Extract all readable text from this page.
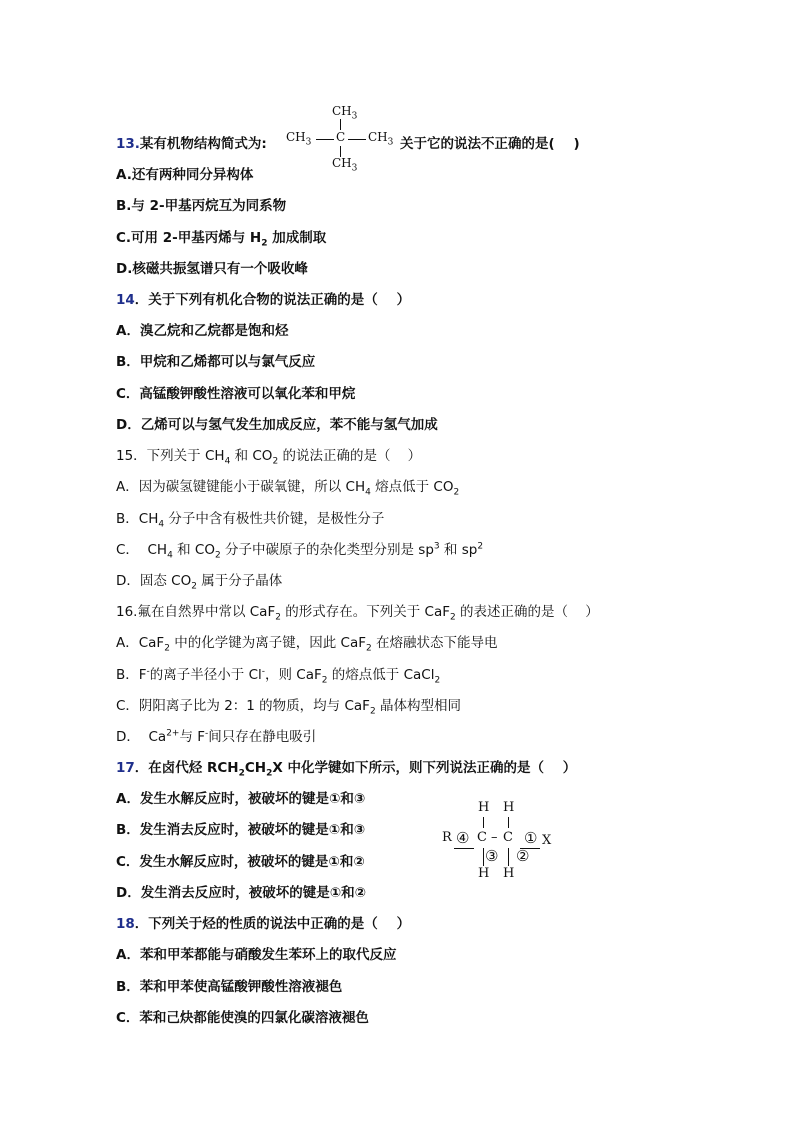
13.某有机物结构简式为:
$CH_3$
$CH_3$ C $CH_3$
$CH_3$
关于它的说法不正确的是(    )
A.还有两种同分异构体
B.与 2-甲基丙烷互为同系物
C.可用 2-甲基丙烯与 $H_2$ 加成制取
D.核磁共振氢谱只有一个吸收峰
14．关于下列有机化合物的说法正确的是（    ）
A．溴乙烷和乙烷都是饱和烃
B．甲烷和乙烯都可以与氯气反应
C．高锰酸钾酸性溶液可以氧化苯和甲烷
D．乙烯可以与氢气发生加成反应，苯不能与氢气加成
15．下列关于 $CH_4$ 和 $CO_2$ 的说法正确的是（    ）
A．因为碳氢键键能小于碳氧键，所以 $CH_4$ 熔点低于 $CO_2$
B．$CH_4$ 分子中含有极性共价键，是极性分子
C．  $CH_4$ 和 $CO_2$ 分子中碳原子的杂化类型分别是 $sp^3$ 和 $sp^2$
D．固态 $CO_2$ 属于分子晶体
16.氟在自然界中常以 CaF$_2$ 的形式存在。下列关于 CaF$_2$ 的表述正确的是（    ）
A．CaF$_2$ 中的化学键为离子键，因此 CaF$_2$ 在熔融状态下能导电
B．F-的离子半径小于 Cl-，则 CaF$_2$ 的熔点低于 CaCl$_2$
C．阴阳离子比为 2：1 的物质，均与 CaF$_2$ 晶体构型相同
D．  $Ca^{2+}$与 F-间只存在静电吸引
17．在卤代烃 $RCH_2CH_2X$ 中化学键如下所示，则下列说法正确的是（    ）
A．发生水解反应时，被破坏的键是①和③
B．发生消去反应时，被破坏的键是①和③
C．发生水解反应时，被破坏的键是①和②
D．发生消去反应时，被破坏的键是①和②
H H
R ④ C – C ① X
③ ②
H H
18．下列关于烃的性质的说法中正确的是（    ）
A．苯和甲苯都能与硝酸发生苯环上的取代反应
B．苯和甲苯使高锰酸钾酸性溶液褪色
C．苯和己炔都能使溴的四氯化碳溶液褪色
